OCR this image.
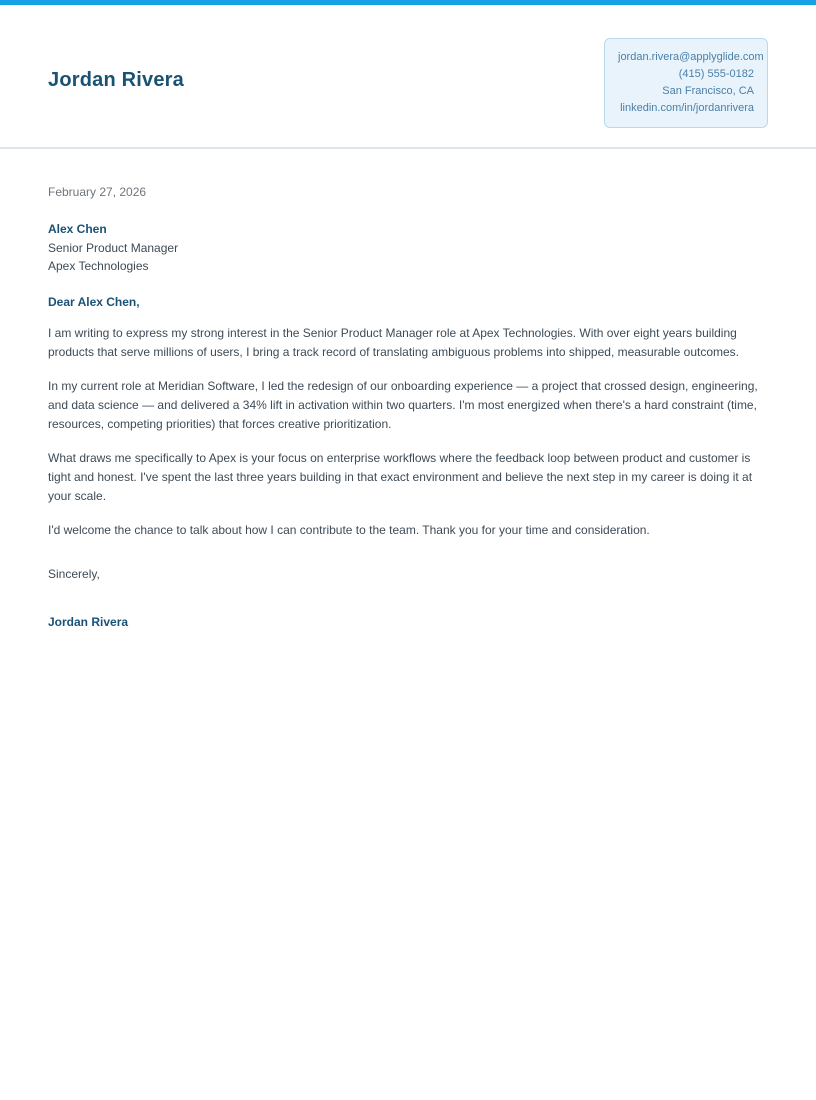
Jordan Rivera
jordan.rivera@applyglide.com
(415) 555-0182
San Francisco, CA
linkedin.com/in/jordanrivera
February 27, 2026
Alex Chen
Senior Product Manager
Apex Technologies
Dear Alex Chen,

I am writing to express my strong interest in the Senior Product Manager role at Apex Technologies. With over eight years building products that serve millions of users, I bring a track record of translating ambiguous problems into shipped, measurable outcomes.

In my current role at Meridian Software, I led the redesign of our onboarding experience — a project that crossed design, engineering, and data science — and delivered a 34% lift in activation within two quarters. I'm most energized when there's a hard constraint (time, resources, competing priorities) that forces creative prioritization.

What draws me specifically to Apex is your focus on enterprise workflows where the feedback loop between product and customer is tight and honest. I've spent the last three years building in that exact environment and believe the next step in my career is doing it at your scale.

I'd welcome the chance to talk about how I can contribute to the team. Thank you for your time and consideration.

Sincerely,
Jordan Rivera
